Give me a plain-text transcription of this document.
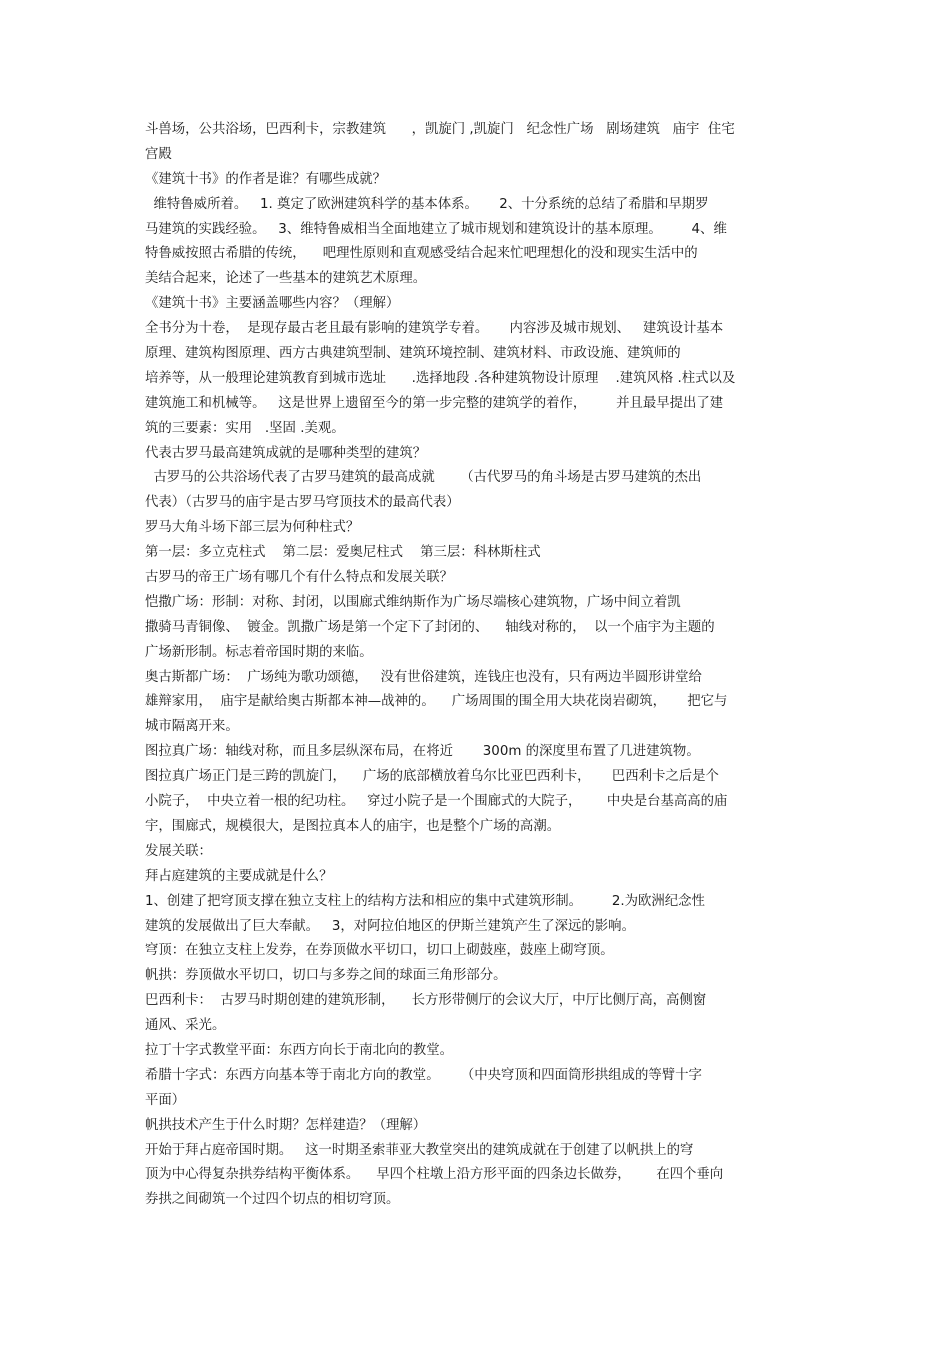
斗兽场，公共浴场，巴西利卡，宗教建筑      ，凯旋门 ,凯旋门   纪念性广场   剧场建筑   庙宇  住宅
宫殿
《建筑十书》的作者是谁？有哪些成就？
维特鲁威所着。   1. 奠定了欧洲建筑科学的基本体系。     2、十分系统的总结了希腊和早期罗
马建筑的实践经验。   3、维特鲁威相当全面地建立了城市规划和建筑设计的基本原理。       4、维
特鲁威按照古希腊的传统，    吧理性原则和直观感受结合起来忙吧理想化的没和现实生活中的
美结合起来，论述了一些基本的建筑艺术原理。
《建筑十书》主要涵盖哪些内容？（理解）
全书分为十卷，  是现存最古老且最有影响的建筑学专着。     内容涉及城市规划、   建筑设计基本
原理、建筑构图原理、西方古典建筑型制、建筑环境控制、建筑材料、市政设施、建筑师的
培养等，从一般理论建筑教育到城市选址      .选择地段 .各种建筑物设计原理    .建筑风格 .柱式以及
建筑施工和机械等。   这是世界上遗留至今的第一步完整的建筑学的着作，       并且最早提出了建
筑的三要素：实用   .坚固 .美观。
代表古罗马最高建筑成就的是哪种类型的建筑？
古罗马的公共浴场代表了古罗马建筑的最高成就      （古代罗马的角斗场是古罗马建筑的杰出
代表）（古罗马的庙宇是古罗马穹顶技术的最高代表）
罗马大角斗场下部三层为何种柱式？
第一层：多立克柱式    第二层：爱奥尼柱式    第三层：科林斯柱式
古罗马的帝王广场有哪几个有什么特点和发展关联？
恺撒广场：形制：对称、封闭，以围廊式维纳斯作为广场尽端核心建筑物，广场中间立着凯
撒骑马青铜像、  镀金。凯撒广场是第一个定下了封闭的、    轴线对称的，  以一个庙宇为主题的
广场新形制。标志着帝国时期的来临。
奥古斯都广场：  广场纯为歌功颂德，   没有世俗建筑，连钱庄也没有，只有两边半圆形讲堂给
雄辩家用，  庙宇是献给奥古斯都本神—战神的。    广场周围的围全用大块花岗岩砌筑，     把它与
城市隔离开来。
图拉真广场：轴线对称，而且多层纵深布局，在将近       300m 的深度里布置了几进建筑物。
图拉真广场正门是三跨的凯旋门，    广场的底部横放着乌尔比亚巴西利卡，     巴西利卡之后是个
小院子，  中央立着一根的纪功柱。   穿过小院子是一个围廊式的大院子，      中央是台基高高的庙
宇，围廊式，规模很大，是图拉真本人的庙宇，也是整个广场的高潮。
发展关联：
拜占庭建筑的主要成就是什么？
1、创建了把穹顶支撑在独立支柱上的结构方法和相应的集中式建筑形制。       2.为欧洲纪念性
建筑的发展做出了巨大奉献。   3，对阿拉伯地区的伊斯兰建筑产生了深远的影响。
穹顶：在独立支柱上发券，在券顶做水平切口，切口上砌鼓座，鼓座上砌穹顶。
帆拱：券顶做水平切口，切口与多券之间的球面三角形部分。
巴西利卡：  古罗马时期创建的建筑形制，    长方形带侧厅的会议大厅，中厅比侧厅高，高侧窗
通风、采光。
拉丁十字式教堂平面：东西方向长于南北向的教堂。
希腊十字式：东西方向基本等于南北方向的教堂。     （中央穹顶和四面筒形拱组成的等臂十字
平面）
帆拱技术产生于什么时期？怎样建造？（理解）
开始于拜占庭帝国时期。   这一时期圣索菲亚大教堂突出的建筑成就在于创建了以帆拱上的穹
顶为中心得复杂拱券结构平衡体系。    早四个柱墩上沿方形平面的四条边长做券，      在四个垂向
券拱之间砌筑一个过四个切点的相切穹顶。
